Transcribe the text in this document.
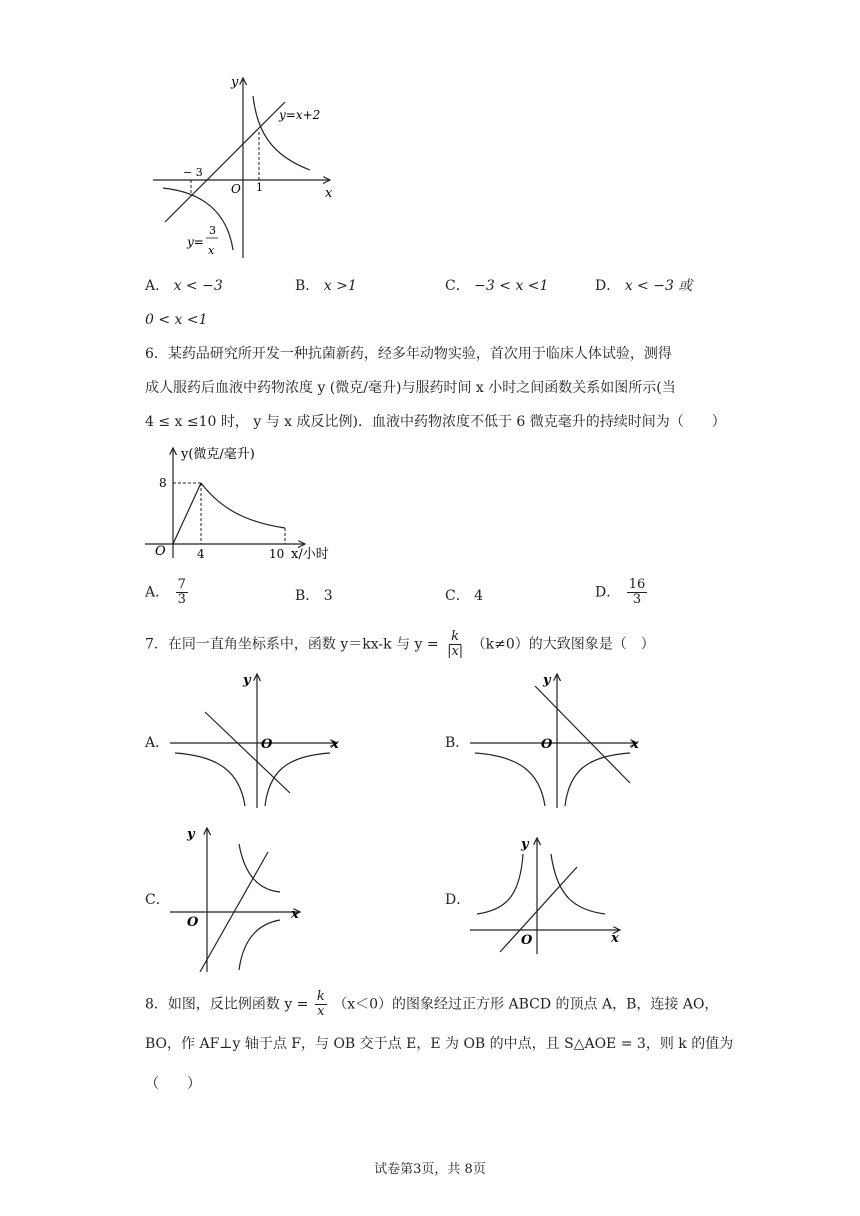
y
x
O
y=x+2
− 3
1
y=
3
x
A． x < −3	B． x >1	C． −3 < x <1	D． x < −3 或
0 < x <1
6．某药品研究所开发一种抗菌新药，经多年动物实验，首次用于临床人体试验，测得
成人服药后血液中药物浓度 y (微克/毫升)与服药时间 x 小时之间函数关系如图所示(当
4 ≤ x ≤10 时， y 与 x 成反比例)．血液中药物浓度不低于 6 微克毫升的持续时间为（　　）
y(微克/毫升)
8
O	4	10 x/小时
A． $\frac{7}{3}$	B． 3	C． 4	D． $\frac{16}{3}$
7．在同一直角坐标系中，函数 y＝kx-k 与 $y = \frac{k}{|x|} (k\ne 0)$的大致图象是（　）
A．
y
x
O	B．
y
x
O
C．
y
x
O
D．
y
x
O
8．如图，反比例函数 $y = \frac{k}{x} (x<0)$的图象经过正方形 ABCD 的顶点 A，B，连接 AO，
BO，作 AF⊥y 轴于点 F，与 OB 交于点 E，E 为 OB 的中点，且 S△AOE = 3，则 k 的值为
（　　）
试卷第3页，共 8页
